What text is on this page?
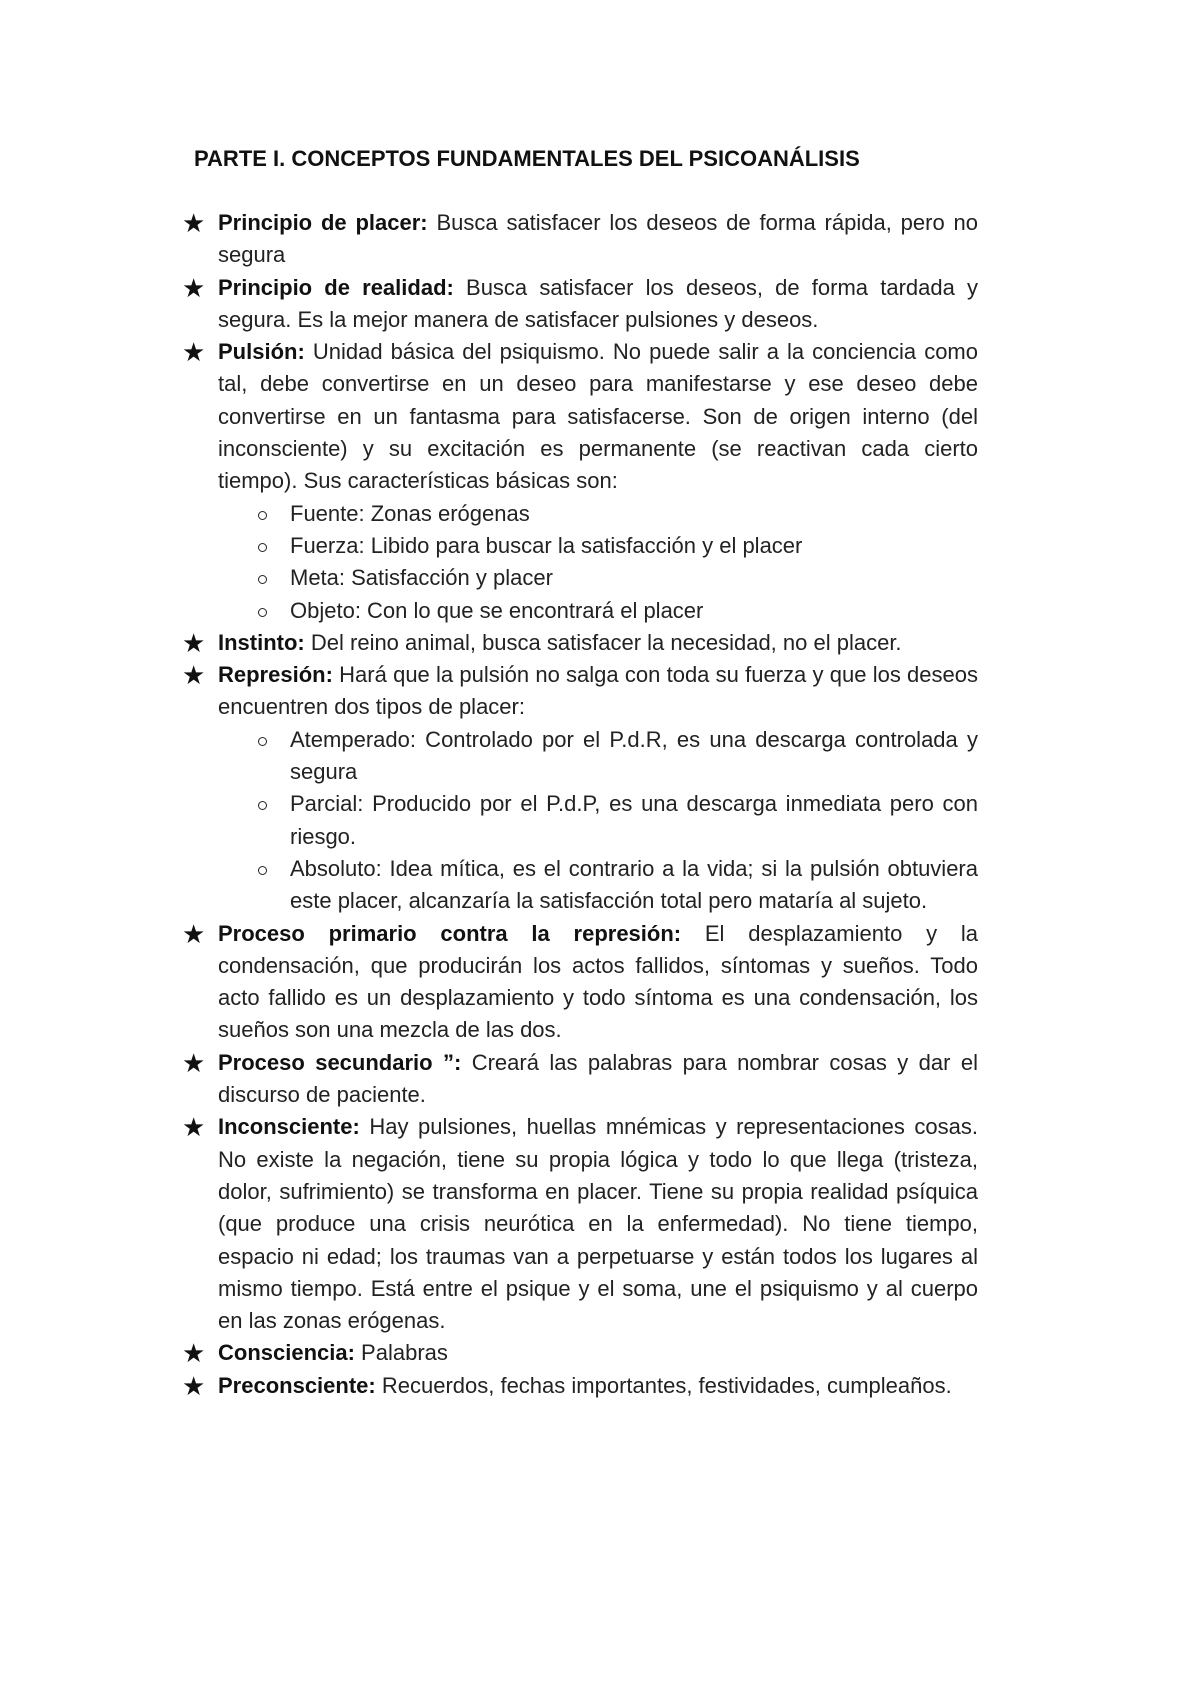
PARTE I. CONCEPTOS FUNDAMENTALES DEL PSICOANÁLISIS
★ Principio de placer: Busca satisfacer los deseos de forma rápida, pero no segura
★ Principio de realidad: Busca satisfacer los deseos, de forma tardada y segura. Es la mejor manera de satisfacer pulsiones y deseos.
★ Pulsión: Unidad básica del psiquismo. No puede salir a la conciencia como tal, debe convertirse en un deseo para manifestarse y ese deseo debe convertirse en un fantasma para satisfacerse. Son de origen interno (del inconsciente) y su excitación es permanente (se reactivan cada cierto tiempo). Sus características básicas son:
Fuente: Zonas erógenas
Fuerza: Libido para buscar la satisfacción y el placer
Meta: Satisfacción y placer
Objeto: Con lo que se encontrará el placer
★ Instinto: Del reino animal, busca satisfacer la necesidad, no el placer.
★ Represión: Hará que la pulsión no salga con toda su fuerza y que los deseos encuentren dos tipos de placer:
Atemperado: Controlado por el P.d.R, es una descarga controlada y segura
Parcial: Producido por el P.d.P, es una descarga inmediata pero con riesgo.
Absoluto: Idea mítica, es el contrario a la vida; si la pulsión obtuviera este placer, alcanzaría la satisfacción total pero mataría al sujeto.
★ Proceso primario contra la represión: El desplazamiento y la condensación, que producirán los actos fallidos, síntomas y sueños. Todo acto fallido es un desplazamiento y todo síntoma es una condensación, los sueños son una mezcla de las dos.
★ Proceso secundario ”: Creará las palabras para nombrar cosas y dar el discurso de paciente.
★ Inconsciente: Hay pulsiones, huellas mnémicas y representaciones cosas. No existe la negación, tiene su propia lógica y todo lo que llega (tristeza, dolor, sufrimiento) se transforma en placer. Tiene su propia realidad psíquica (que produce una crisis neurótica en la enfermedad). No tiene tiempo, espacio ni edad; los traumas van a perpetuarse y están todos los lugares al mismo tiempo. Está entre el psique y el soma, une el psiquismo y al cuerpo en las zonas erógenas.
★ Consciencia: Palabras
★ Preconsciente: Recuerdos, fechas importantes, festividades, cumpleaños.
